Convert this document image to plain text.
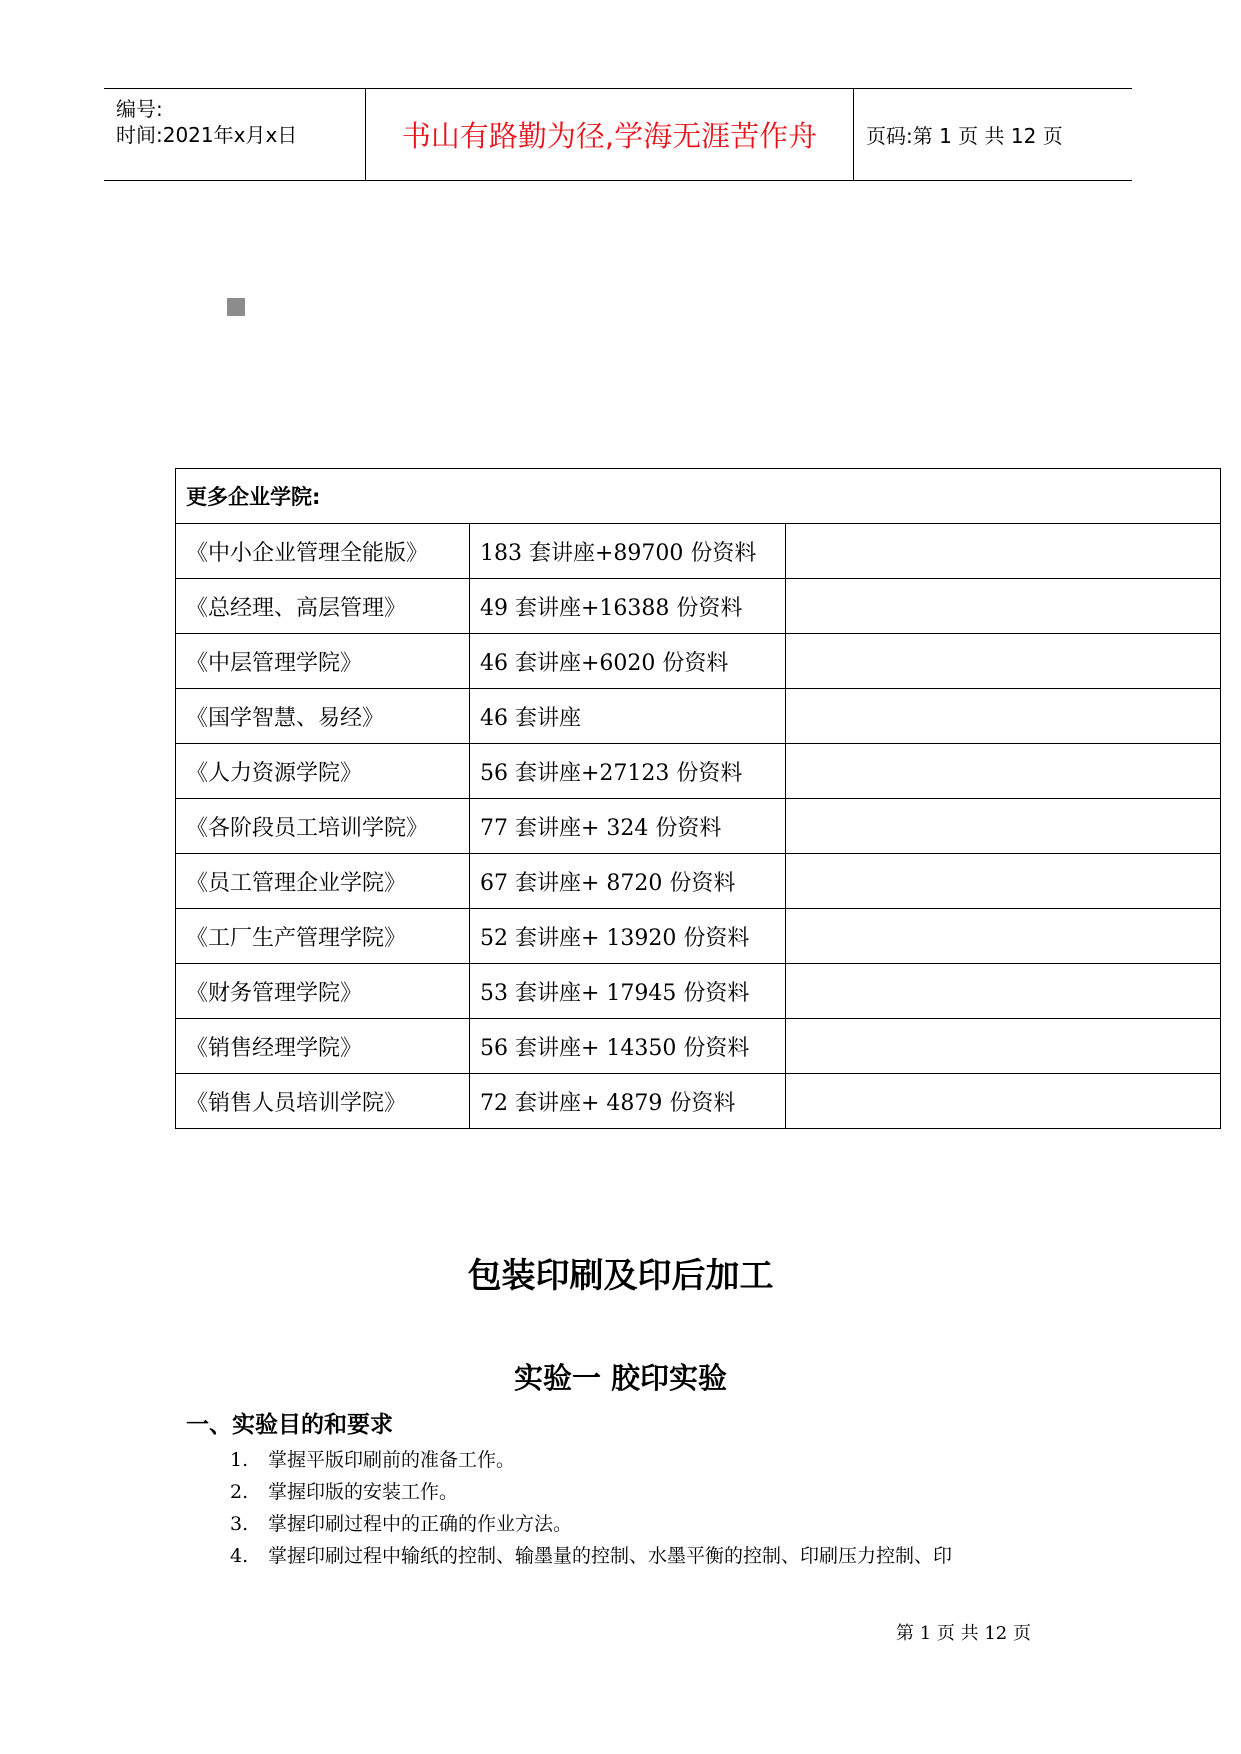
编号:
时间:2021年x月x日	书山有路勤为径,学海无涯苦作舟	页码:第 1 页 共 12 页
更多企业学院:		
《中小企业管理全能版》	183 套讲座+89700 份资料	
《总经理、高层管理》	49 套讲座+16388 份资料	
《中层管理学院》	46 套讲座+6020 份资料	
《国学智慧、易经》	46 套讲座	
《人力资源学院》	56 套讲座+27123 份资料	
《各阶段员工培训学院》	77 套讲座+ 324 份资料	
《员工管理企业学院》	67 套讲座+ 8720 份资料	
《工厂生产管理学院》	52 套讲座+ 13920 份资料	
《财务管理学院》	53 套讲座+ 17945 份资料	
《销售经理学院》	56 套讲座+ 14350 份资料	
《销售人员培训学院》	72 套讲座+ 4879 份资料	
包装印刷及印后加工
实验一 胶印实验
一、实验目的和要求
1. 掌握平版印刷前的准备工作。
2. 掌握印版的安装工作。
3. 掌握印刷过程中的正确的作业方法。
4. 掌握印刷过程中输纸的控制、输墨量的控制、水墨平衡的控制、印刷压力控制、印
第 1 页 共 12 页
